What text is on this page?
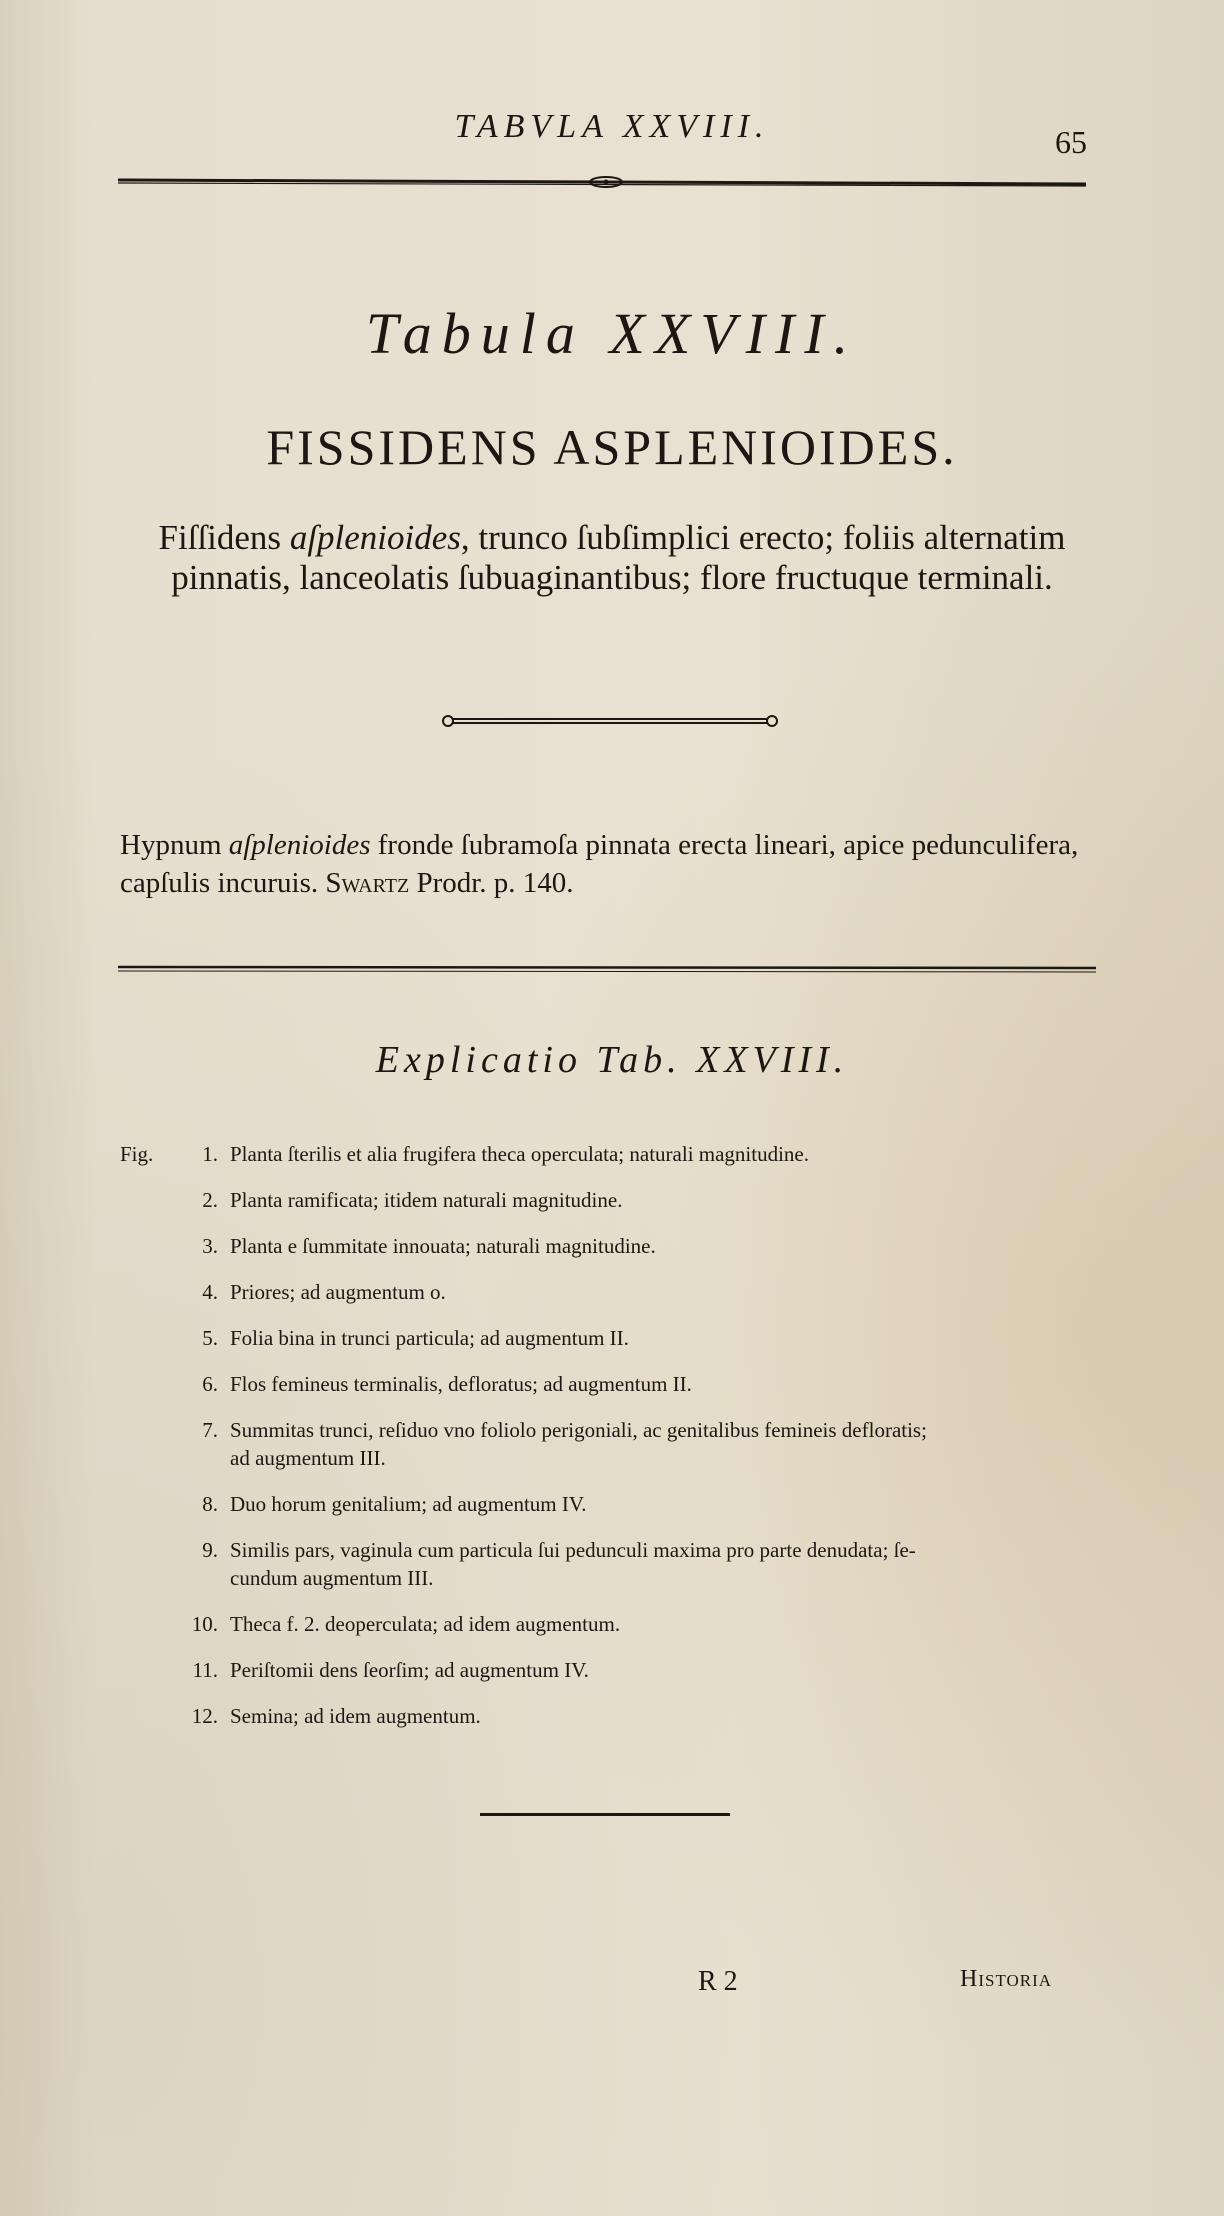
TABVLA XXVIII.	65
Tabula XXVIII.
FISSIDENS ASPLENIOIDES.
Fiſſidens aſplenioides, trunco ſubſimplici erecto; foliis alternatim pinnatis, lanceolatis ſubuaginantibus; flore fructuque terminali.
Hypnum aſplenioides fronde ſubramoſa pinnata erecta lineari, apice pedunculifera, capſulis incuruis. Swartz Prodr. p. 140.
Explicatio Tab. XXVIII.
Fig.	1. Planta ſterilis et alia frugifera theca operculata; naturali magnitudine.
2. Planta ramificata; itidem naturali magnitudine.
3. Planta e ſummitate innouata; naturali magnitudine.
4. Priores; ad augmentum o.
5. Folia bina in trunci particula; ad augmentum II.
6. Flos femineus terminalis, defloratus; ad augmentum II.
7. Summitas trunci, reſiduo vno foliolo perigoniali, ac genitalibus femineis defloratis;
ad augmentum III.
8. Duo horum genitalium; ad augmentum IV.
9. Similis pars, vaginula cum particula ſui pedunculi maxima pro parte denudata; ſe-
cundum augmentum III.
10. Theca f. 2. deoperculata; ad idem augmentum.
11. Periſtomii dens ſeorſim; ad augmentum IV.
12. Semina; ad idem augmentum.
R 2	Historia
